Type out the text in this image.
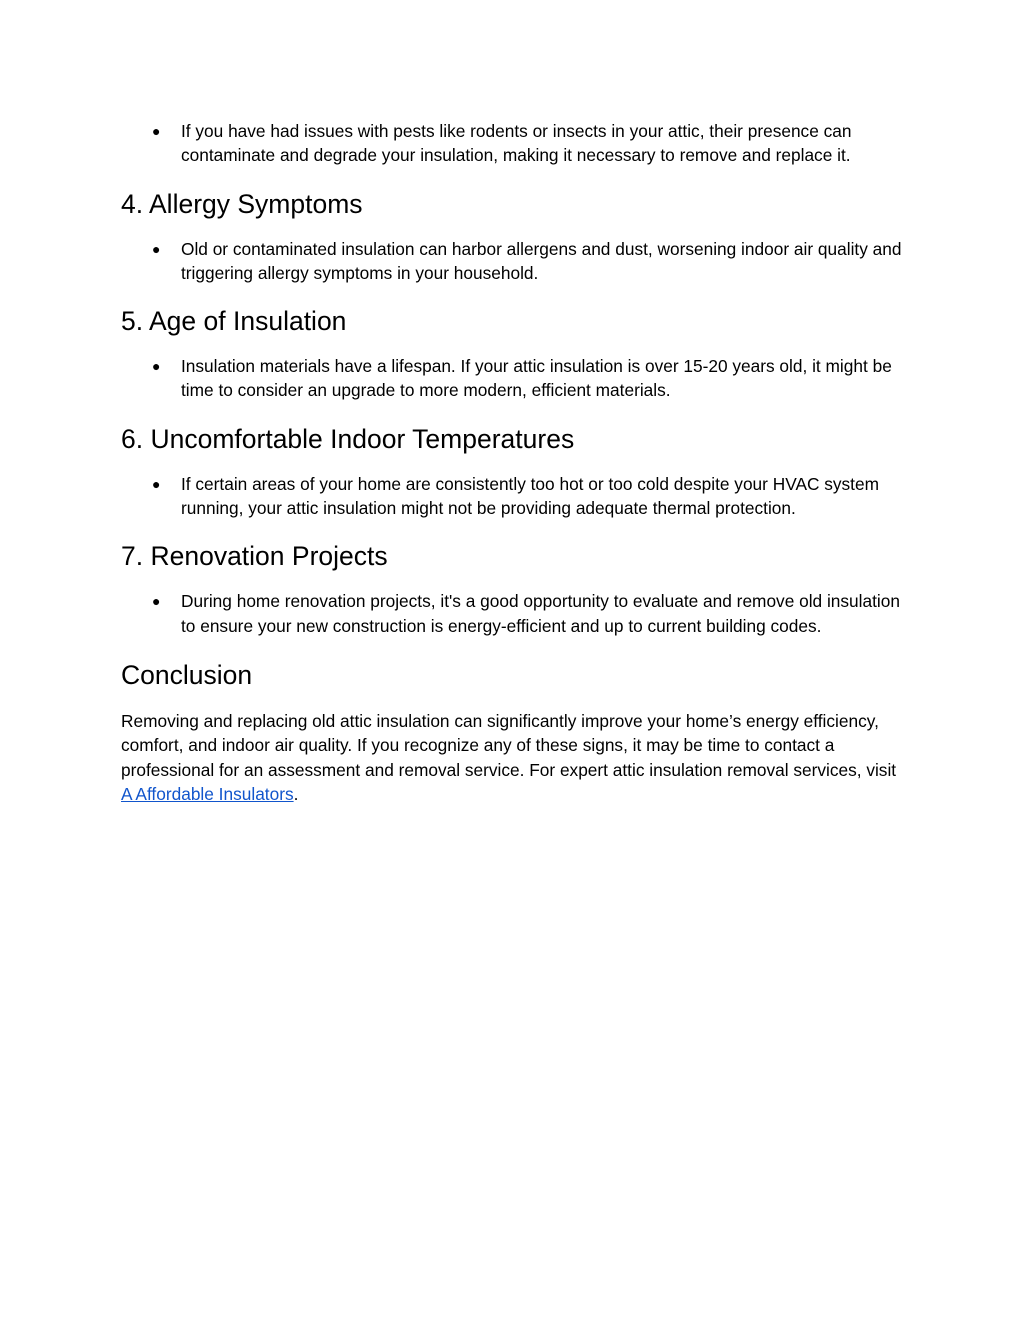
● If you have had issues with pests like rodents or insects in your attic, their presence can contaminate and degrade your insulation, making it necessary to remove and replace it.
4. Allergy Symptoms
● Old or contaminated insulation can harbor allergens and dust, worsening indoor air quality and triggering allergy symptoms in your household.
5. Age of Insulation
● Insulation materials have a lifespan. If your attic insulation is over 15-20 years old, it might be time to consider an upgrade to more modern, efficient materials.
6. Uncomfortable Indoor Temperatures
● If certain areas of your home are consistently too hot or too cold despite your HVAC system running, your attic insulation might not be providing adequate thermal protection.
7. Renovation Projects
● During home renovation projects, it's a good opportunity to evaluate and remove old insulation to ensure your new construction is energy-efficient and up to current building codes.
Conclusion

Removing and replacing old attic insulation can significantly improve your home’s energy efficiency, comfort, and indoor air quality. If you recognize any of these signs, it may be time to contact a professional for an assessment and removal service. For expert attic insulation removal services, visit A Affordable Insulators.
